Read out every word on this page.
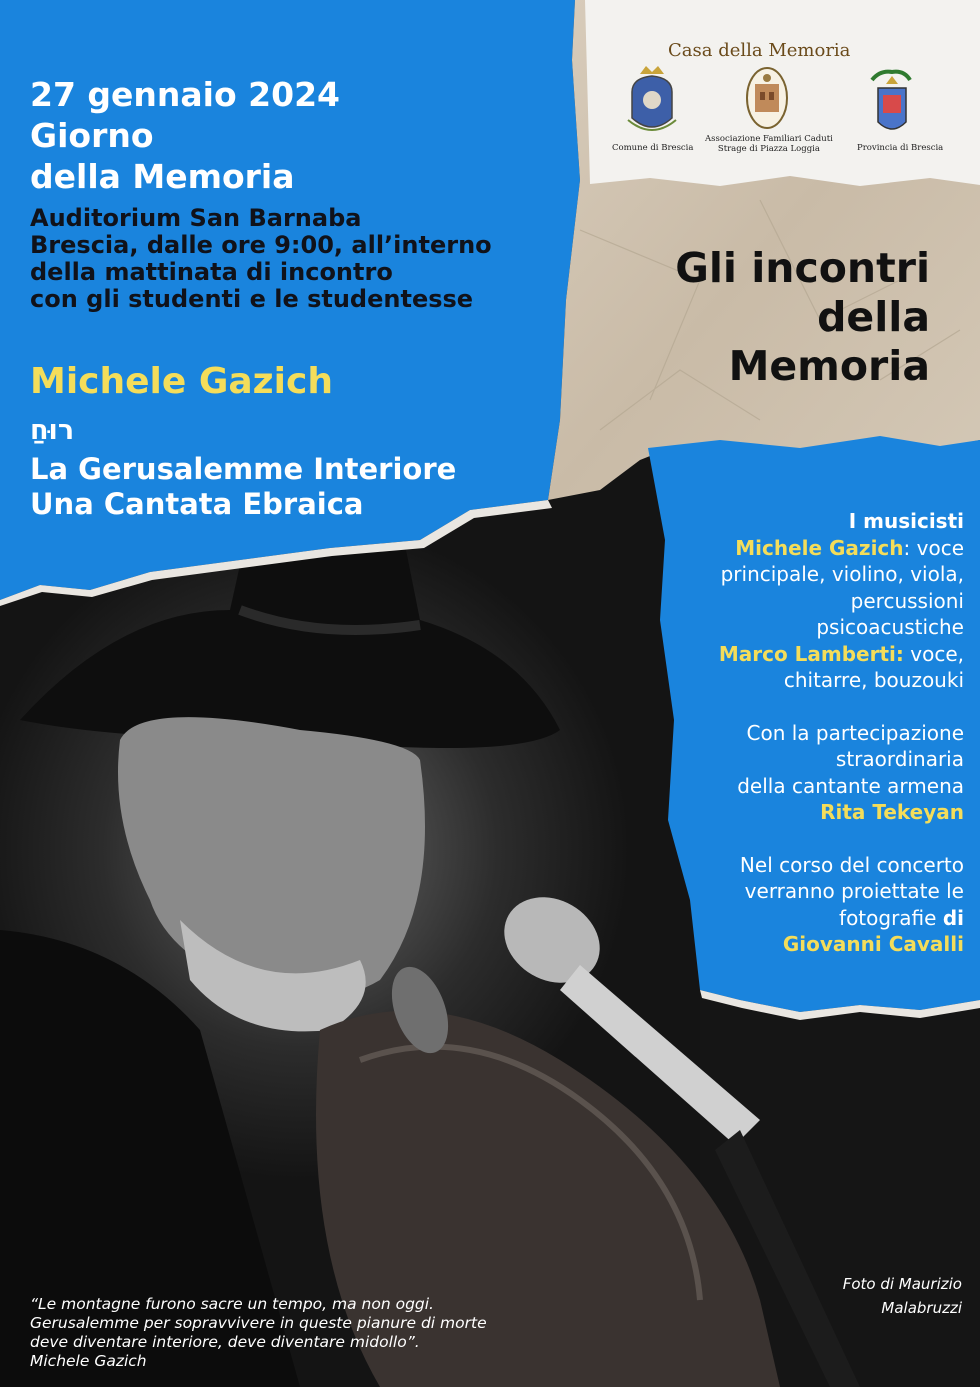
Casa della Memoria
Comune di Brescia
Associazione Familiari Caduti
Strage di Piazza Loggia	Provincia di Brescia
27 gennaio 2024
Giorno
della Memoria
Auditorium San Barnaba
Brescia, dalle ore 9:00, all’interno
della mattinata di incontro
con gli studenti e le studentesse
Michele Gazich
רוּחַ
La Gerusalemme Interiore
Una Cantata Ebraica
Gli incontri
della
Memoria
I musicisti
Michele Gazich: voce
principale, violino, viola,
percussioni
psicoacustiche
Marco Lamberti: voce,
chitarre, bouzouki
Con la partecipazione
straordinaria
della cantante armena
Rita Tekeyan
Nel corso del concerto
verranno proiettate le
fotografie di
Giovanni Cavalli
Foto di Maurizio
Malabruzzi
“Le montagne furono sacre un tempo, ma non oggi.
Gerusalemme per sopravvivere in queste pianure di morte
deve diventare interiore, deve diventare midollo”.
Michele Gazich
